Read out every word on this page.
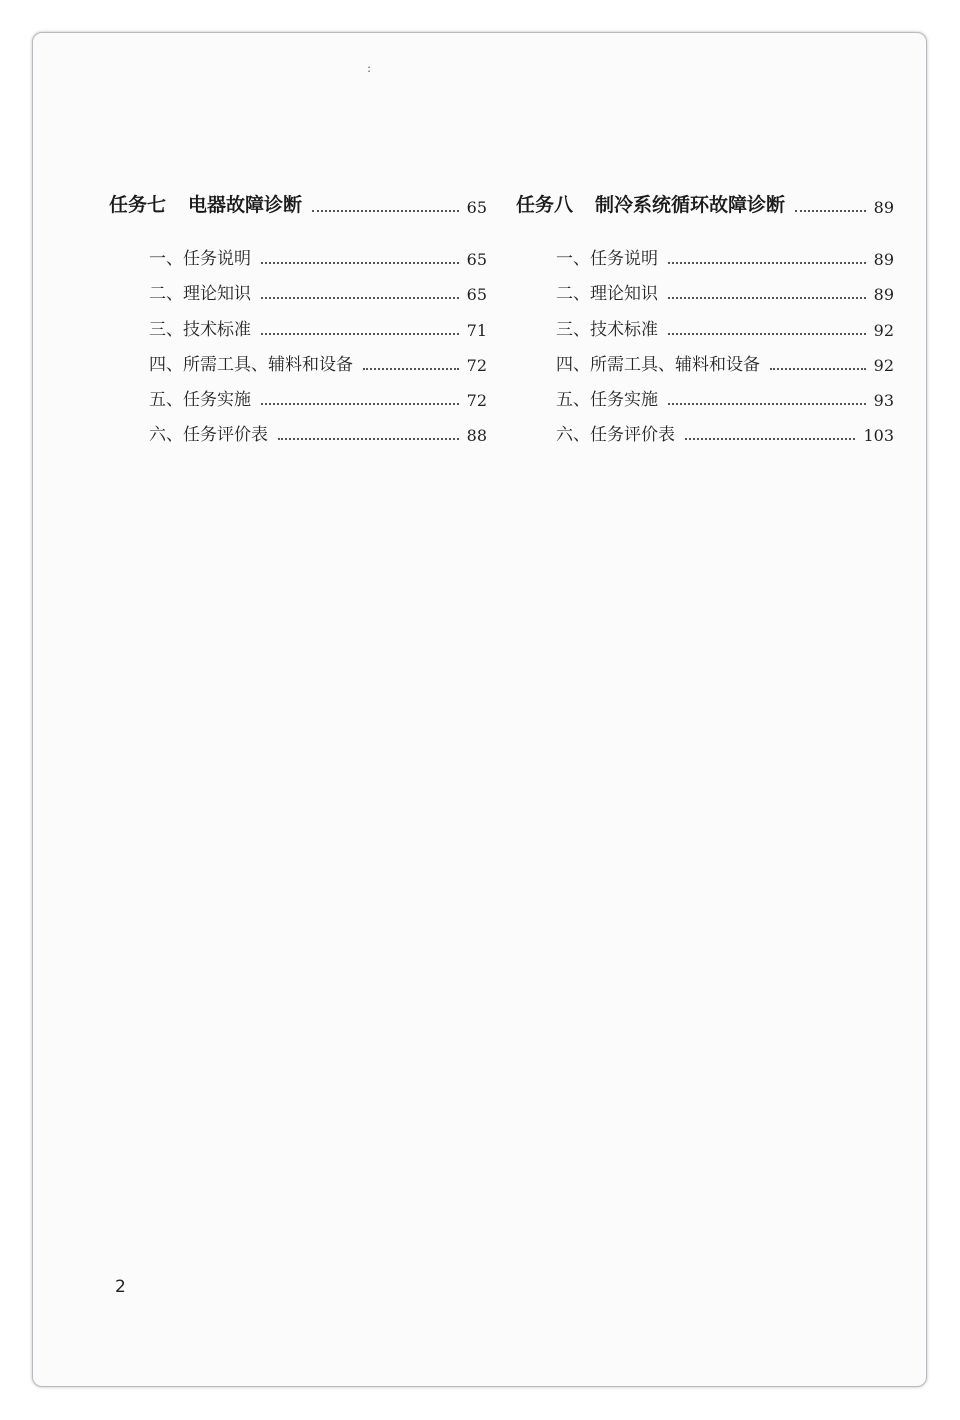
:
任务七 电器故障诊断	65
一、任务说明	65
二、理论知识	65
三、技术标准	71
四、所需工具、辅料和设备	72
五、任务实施	72
六、任务评价表	88
任务八 制冷系统循环故障诊断	89
一、任务说明	89
二、理论知识	89
三、技术标准	92
四、所需工具、辅料和设备	92
五、任务实施	93
六、任务评价表	103
2
